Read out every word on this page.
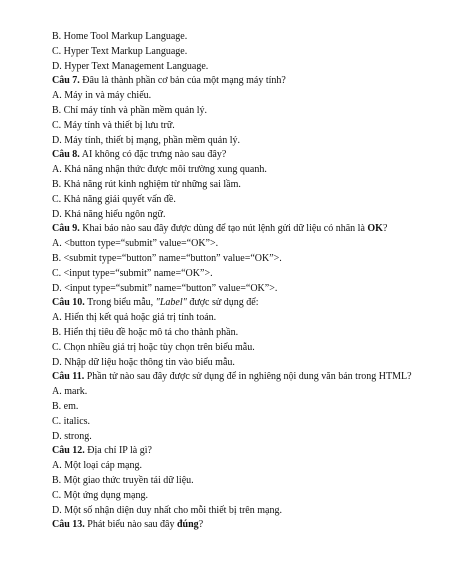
B. Home Tool Markup Language.
C. Hyper Text Markup Language.
D. Hyper Text Management Language.
Câu 7. Đâu là thành phần cơ bản của một mạng máy tính?
A. Máy in và máy chiếu.
B. Chỉ máy tính và phần mềm quản lý.
C. Máy tính và thiết bị lưu trữ.
D. Máy tính, thiết bị mạng, phần mềm quản lý.
Câu 8. AI không có đặc trưng nào sau đây?
A. Khả năng nhận thức được môi trường xung quanh.
B. Khả năng rút kinh nghiệm từ những sai lầm.
C. Khả năng giải quyết vấn đề.
D. Khả năng hiểu ngôn ngữ.
Câu 9. Khai báo nào sau đây được dùng để tạo nút lệnh gửi dữ liệu có nhãn là OK?
A. <button type=“submit” value=“OK”>.
B. <submit type=“button” name=“button” value=“OK”>.
C. <input type=“submit” name=“OK”>.
D. <input type=“submit” name=“button” value=“OK”>.
Câu 10. Trong biểu mẫu, "Label" được sử dụng để:
A. Hiển thị kết quả hoặc giá trị tính toán.
B. Hiển thị tiêu đề hoặc mô tả cho thành phần.
C. Chọn nhiều giá trị hoặc tùy chọn trên biểu mẫu.
D. Nhập dữ liệu hoặc thông tin vào biểu mẫu.
Câu 11. Phần tử nào sau đây được sử dụng để in nghiêng nội dung văn bản trong HTML?
A. mark.
B. em.
C. italics.
D. strong.
Câu 12. Địa chỉ IP là gì?
A. Một loại cáp mạng.
B. Một giao thức truyền tải dữ liệu.
C. Một ứng dụng mạng.
D. Một số nhận diện duy nhất cho mỗi thiết bị trên mạng.
Câu 13. Phát biểu nào sau đây đúng?
